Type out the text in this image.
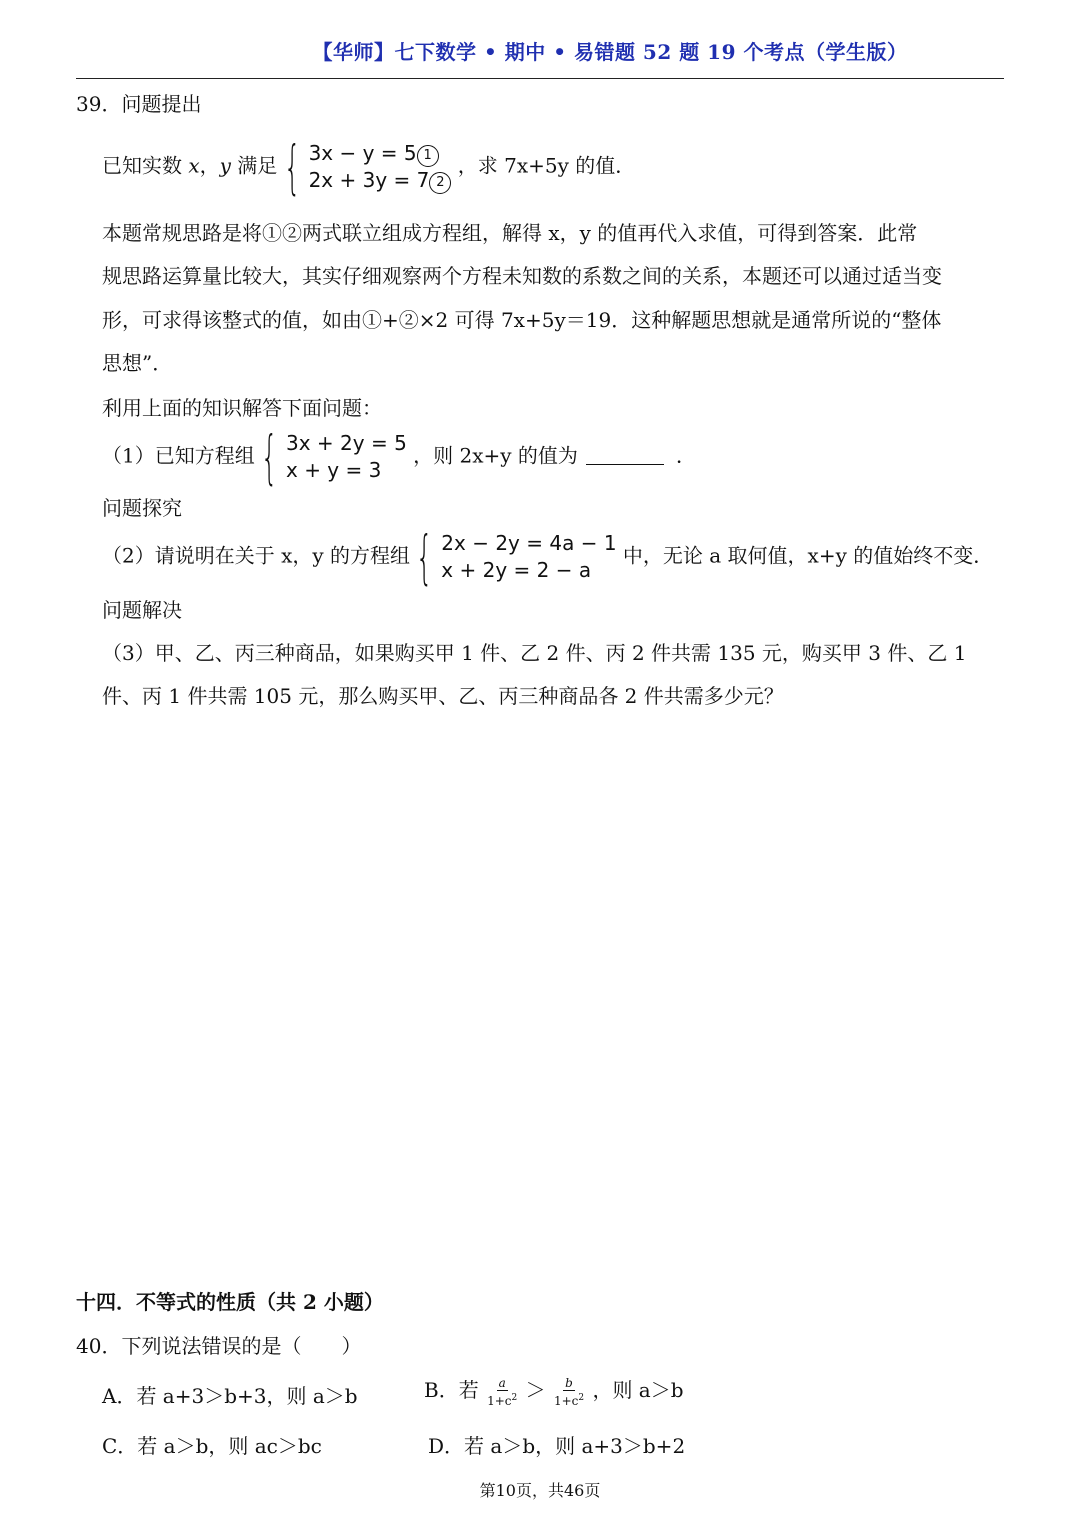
【华师】七下数学 • 期中 • 易错题 52 题 19 个考点（学生版）
39．问题提出
已知实数 x，y 满足 { 3x − y = 5 1
2x + 3y = 7 2
，求 7x+5y 的值．
本题常规思路是将①②两式联立组成方程组，解得 x，y 的值再代入求值，可得到答案．此常
规思路运算量比较大，其实仔细观察两个方程未知数的系数之间的关系，本题还可以通过适当变
形，可求得该整式的值，如由①+②×2 可得 7x+5y＝19．这种解题思想就是通常所说的“整体
思想”．
利用上面的知识解答下面问题：
（1）已知方程组 { 3x + 2y = 5
x + y = 3
，则 2x+y 的值为	．
问题探究
（2）请说明在关于 x，y 的方程组 { 2x − 2y = 4a − 1
x + 2y = 2 − a
中，无论 a 取何值，x+y 的值始终不变．
问题解决
（3）甲、乙、丙三种商品，如果购买甲 1 件、乙 2 件、丙 2 件共需 135 元，购买甲 3 件、乙 1
件、丙 1 件共需 105 元，那么购买甲、乙、丙三种商品各 2 件共需多少元？
十四．不等式的性质（共 2 小题）
40．下列说法错误的是（　　）
A．若 a+3＞b+3，则 a＞b	B．若 $\frac{a}{1+c^2} > \frac{b}{1+c^2}$ ，则 a＞b
C．若 a＞b，则 ac＞bc	D．若 a＞b，则 a+3＞b+2
第10页，共46页
